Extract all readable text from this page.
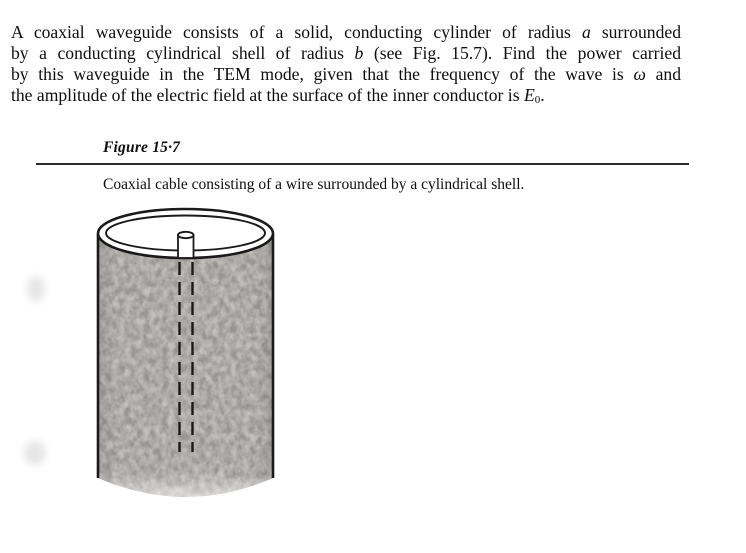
A coaxial waveguide consists of a solid, conducting cylinder of radius a surrounded
by a conducting cylindrical shell of radius b (see Fig. 15.7). Find the power carried
by this waveguide in the TEM mode, given that the frequency of the wave is ω and
the amplitude of the electric field at the surface of the inner conductor is $E_0$.
Figure 15·7
Coaxial cable consisting of a wire surrounded by a cylindrical shell.
